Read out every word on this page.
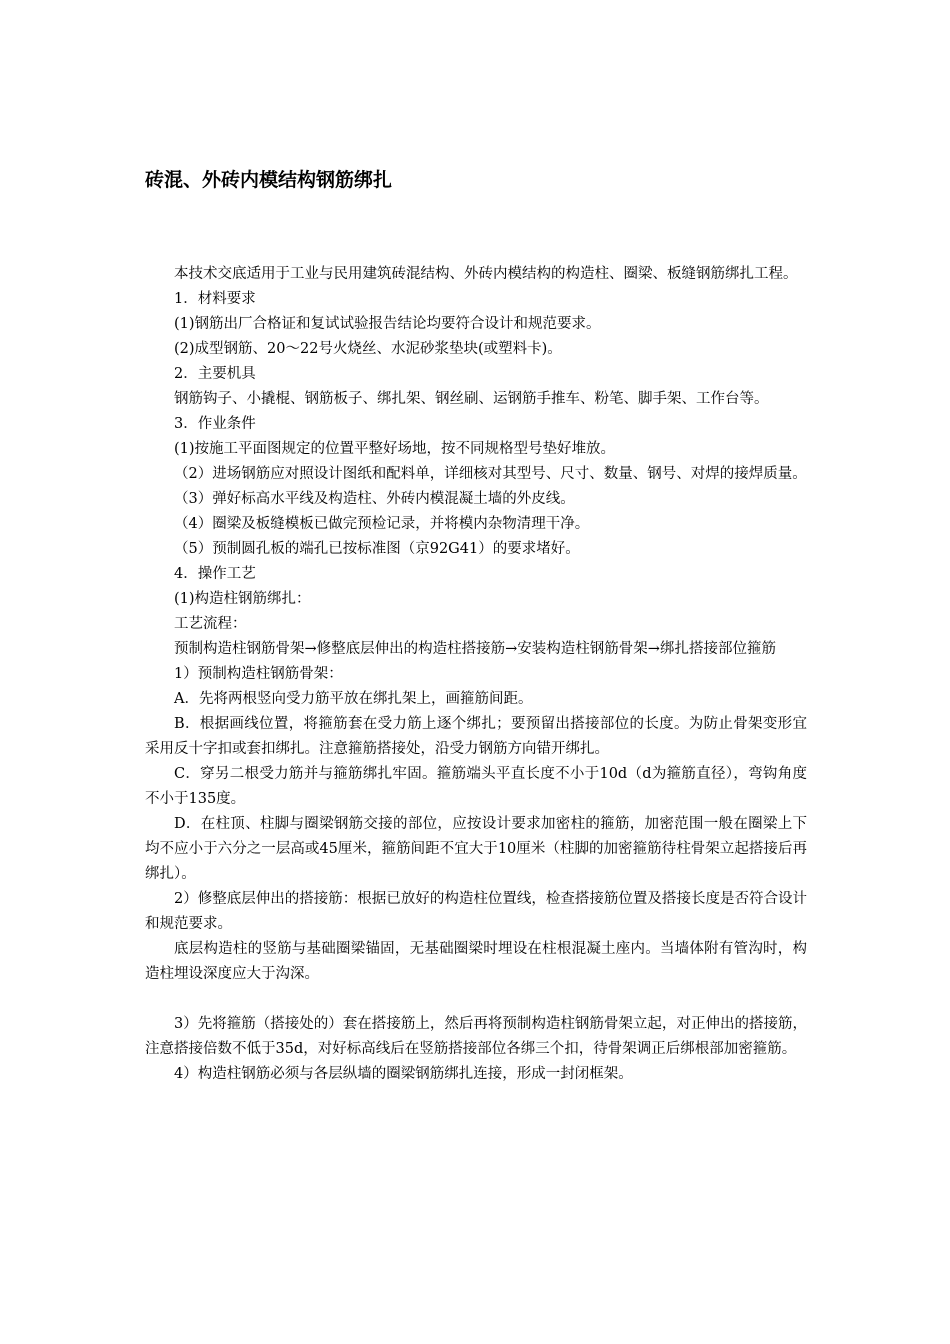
砖混、外砖内模结构钢筋绑扎

本技术交底适用于工业与民用建筑砖混结构、外砖内模结构的构造柱、圈梁、板缝钢筋绑扎工程。

1．材料要求

(1)钢筋出厂合格证和复试试验报告结论均要符合设计和规范要求。

(2)成型钢筋、20～22号火烧丝、水泥砂浆垫块(或塑料卡)。

2．主要机具

钢筋钩子、小撬棍、钢筋板子、绑扎架、钢丝刷、运钢筋手推车、粉笔、脚手架、工作台等。

3．作业条件

(1)按施工平面图规定的位置平整好场地，按不同规格型号垫好堆放。

（2）进场钢筋应对照设计图纸和配料单，详细核对其型号、尺寸、数量、钢号、对焊的接焊质量。

（3）弹好标高水平线及构造柱、外砖内模混凝土墙的外皮线。

（4）圈梁及板缝模板已做完预检记录，并将模内杂物清理干净。

（5）预制圆孔板的端孔已按标准图（京92G41）的要求堵好。

4．操作工艺

(1)构造柱钢筋绑扎：

工艺流程：

预制构造柱钢筋骨架→修整底层伸出的构造柱搭接筋→安装构造柱钢筋骨架→绑扎搭接部位箍筋

1）预制构造柱钢筋骨架：

A．先将两根竖向受力筋平放在绑扎架上，画箍筋间距。

B．根据画线位置，将箍筋套在受力筋上逐个绑扎；要预留出搭接部位的长度。为防止骨架变形宜采用反十字扣或套扣绑扎。注意箍筋搭接处，沿受力钢筋方向错开绑扎。

C．穿另二根受力筋并与箍筋绑扎牢固。箍筋端头平直长度不小于10d（d为箍筋直径），弯钩角度不小于135度。

D．在柱顶、柱脚与圈梁钢筋交接的部位，应按设计要求加密柱的箍筋，加密范围一般在圈梁上下均不应小于六分之一层高或45厘米，箍筋间距不宜大于10厘米（柱脚的加密箍筋待柱骨架立起搭接后再绑扎）。

2）修整底层伸出的搭接筋：根据已放好的构造柱位置线，检查搭接筋位置及搭接长度是否符合设计和规范要求。

底层构造柱的竖筋与基础圈梁锚固，无基础圈梁时埋设在柱根混凝土座内。当墙体附有管沟时，构造柱埋设深度应大于沟深。

3）先将箍筋（搭接处的）套在搭接筋上，然后再将预制构造柱钢筋骨架立起，对正伸出的搭接筋，注意搭接倍数不低于35d，对好标高线后在竖筋搭接部位各绑三个扣，待骨架调正后绑根部加密箍筋。

4）构造柱钢筋必须与各层纵墙的圈梁钢筋绑扎连接，形成一封闭框架。
